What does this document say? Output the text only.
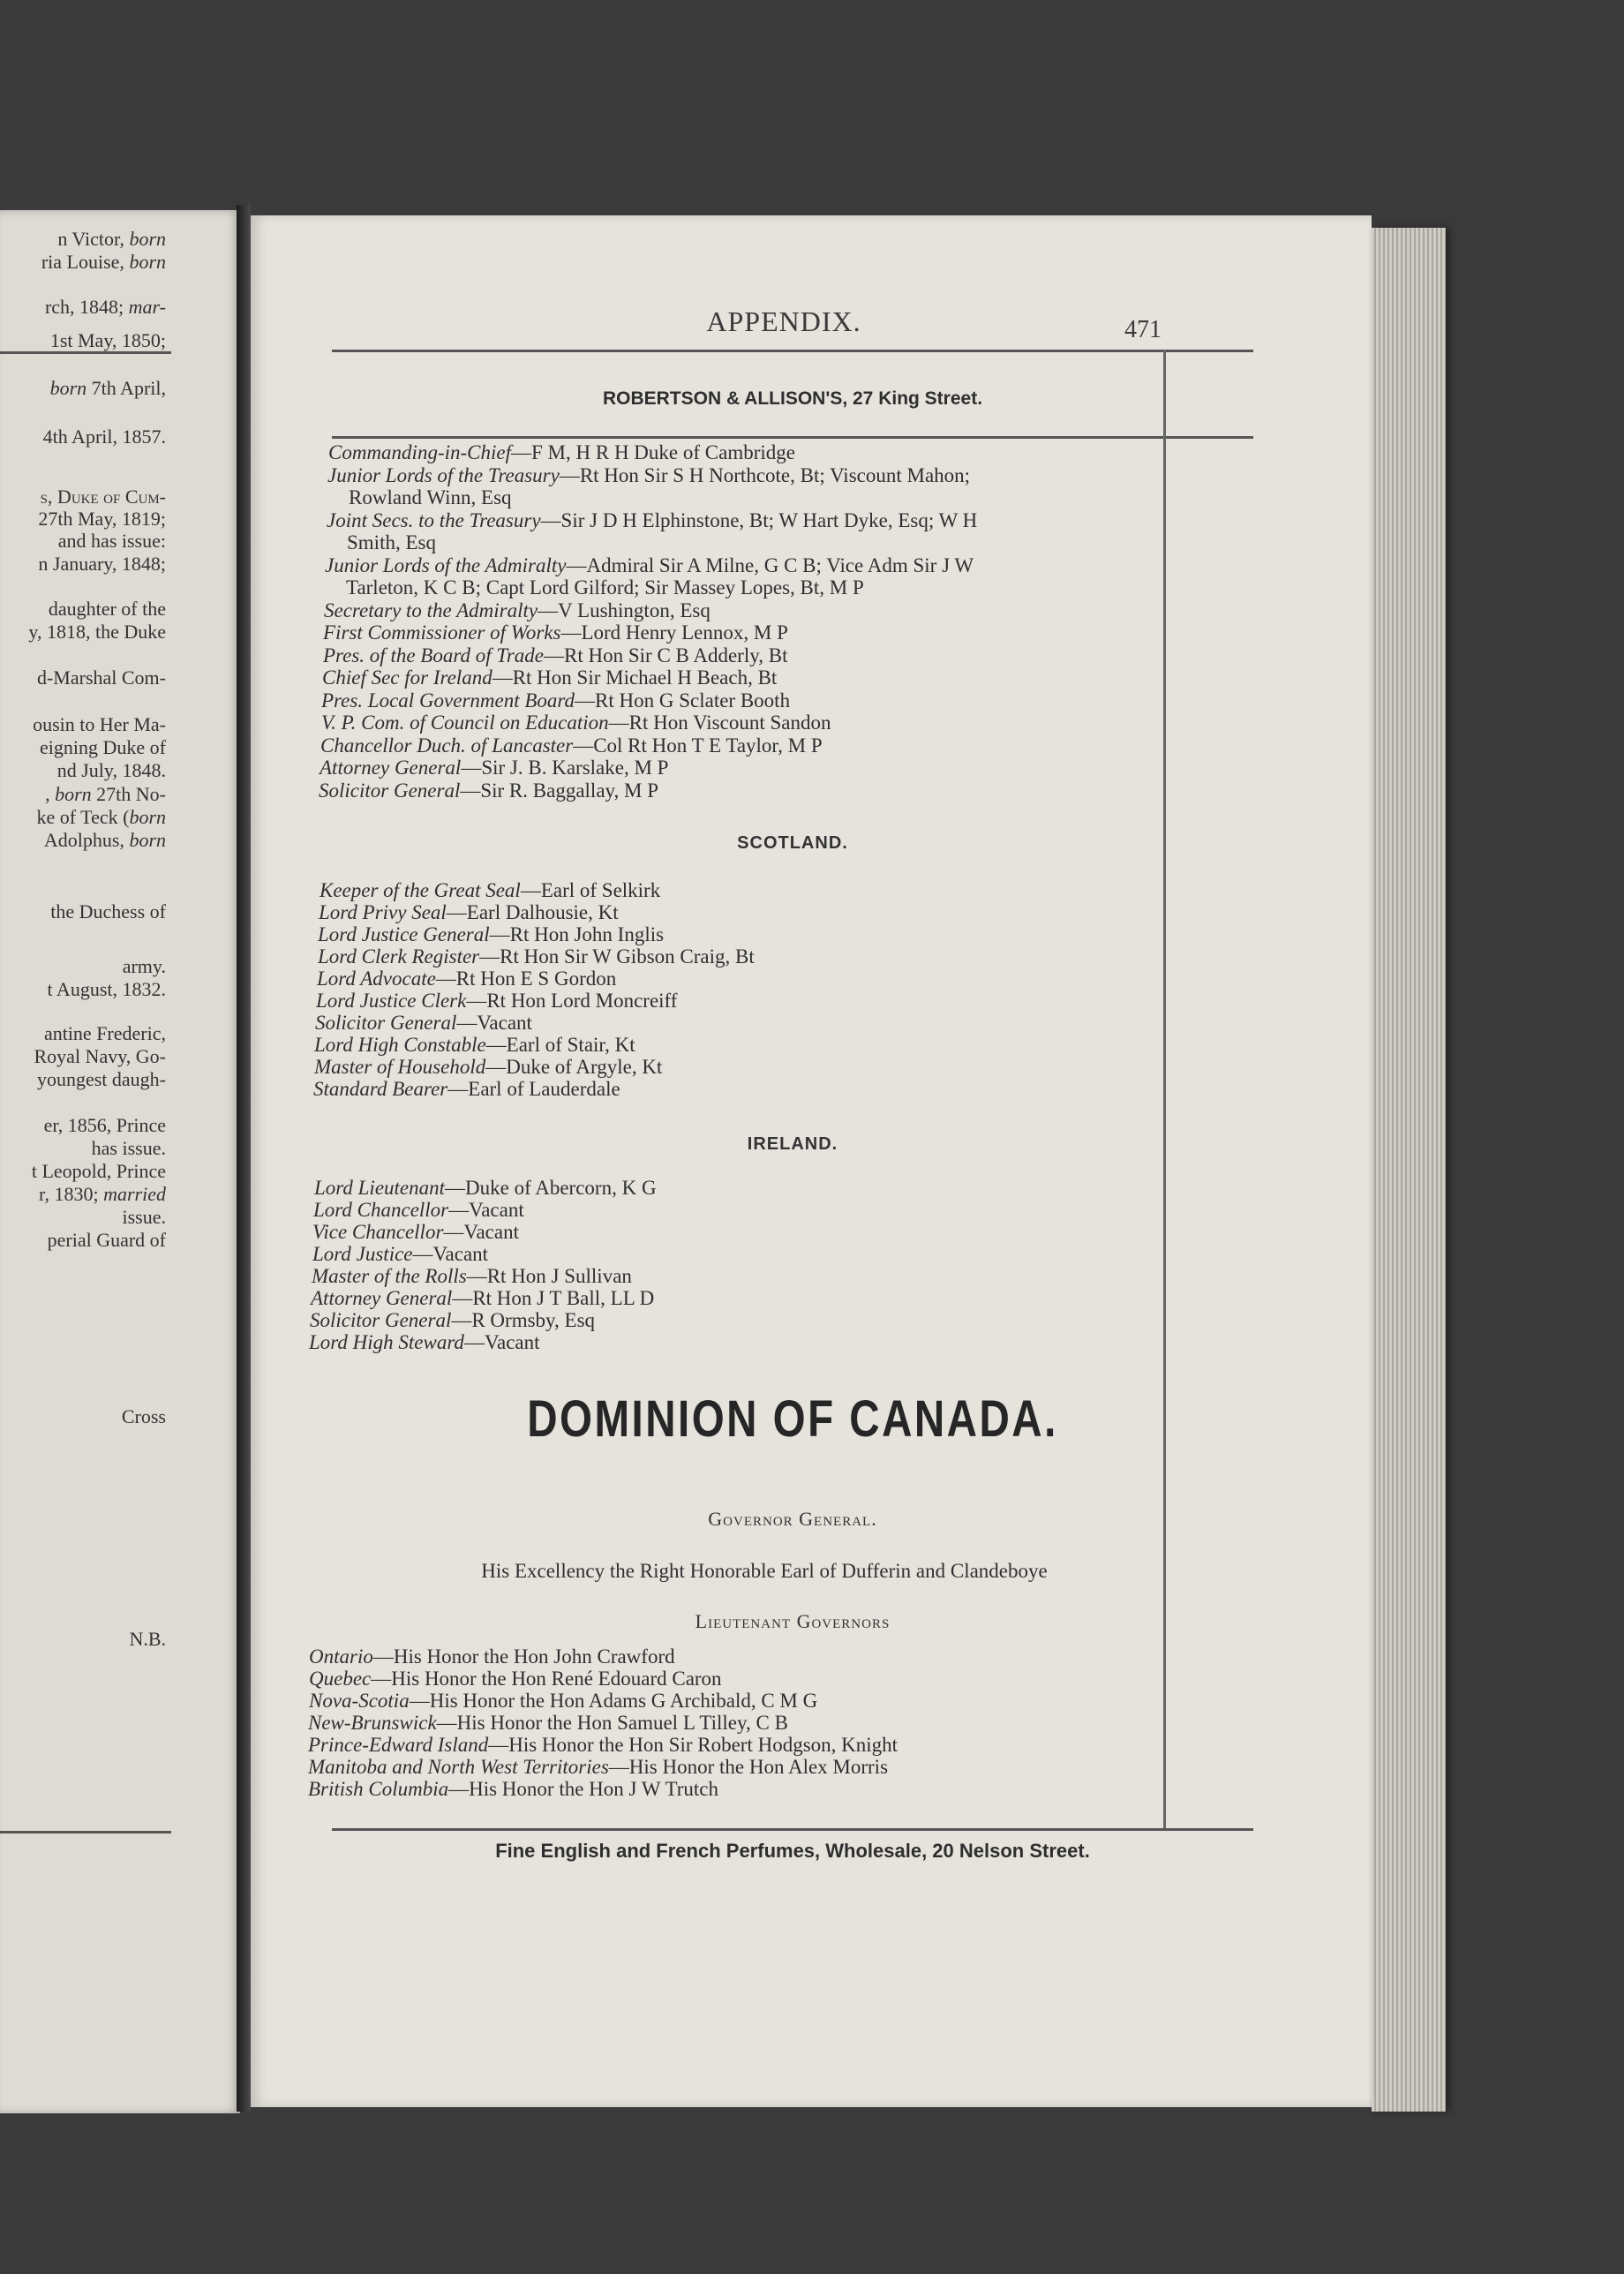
n Victor, born
ria Louise, born
rch, 1848; mar-
1st May, 1850;
born 7th April,
4th April, 1857.
s, Duke of Cum-
27th May, 1819;
and has issue:
n January, 1848;
daughter of the
y, 1818, the Duke
d-Marshal Com-
ousin to Her Ma-
eigning Duke of
nd July, 1848.
, born 27th No-
ke of Teck (born
Adolphus, born
the Duchess of
army.
t August, 1832.
antine Frederic,
Royal Navy, Go-
youngest daugh-
er, 1856, Prince
has issue.
t Leopold, Prince
r, 1830; married
issue.
perial Guard of
Cross
N.B.
APPENDIX.	471
ROBERTSON & ALLISON'S, 27 King Street.
Commanding-in-Chief—F M, H R H Duke of Cambridge
Junior Lords of the Treasury—Rt Hon Sir S H Northcote, Bt; Viscount Mahon;
Rowland Winn, Esq
Joint Secs. to the Treasury—Sir J D H Elphinstone, Bt; W Hart Dyke, Esq; W H
Smith, Esq
Junior Lords of the Admiralty—Admiral Sir A Milne, G C B; Vice Adm Sir J W
Tarleton, K C B; Capt Lord Gilford; Sir Massey Lopes, Bt, M P
Secretary to the Admiralty—V Lushington, Esq
First Commissioner of Works—Lord Henry Lennox, M P
Pres. of the Board of Trade—Rt Hon Sir C B Adderly, Bt
Chief Sec for Ireland—Rt Hon Sir Michael H Beach, Bt
Pres. Local Government Board—Rt Hon G Sclater Booth
V. P. Com. of Council on Education—Rt Hon Viscount Sandon
Chancellor Duch. of Lancaster—Col Rt Hon T E Taylor, M P
Attorney General—Sir J. B. Karslake, M P
Solicitor General—Sir R. Baggallay, M P
SCOTLAND.
Keeper of the Great Seal—Earl of Selkirk
Lord Privy Seal—Earl Dalhousie, Kt
Lord Justice General—Rt Hon John Inglis
Lord Clerk Register—Rt Hon Sir W Gibson Craig, Bt
Lord Advocate—Rt Hon E S Gordon
Lord Justice Clerk—Rt Hon Lord Moncreiff
Solicitor General—Vacant
Lord High Constable—Earl of Stair, Kt
Master of Household—Duke of Argyle, Kt
Standard Bearer—Earl of Lauderdale
IRELAND.
Lord Lieutenant—Duke of Abercorn, K G
Lord Chancellor—Vacant
Vice Chancellor—Vacant
Lord Justice—Vacant
Master of the Rolls—Rt Hon J Sullivan
Attorney General—Rt Hon J T Ball, LL D
Solicitor General—R Ormsby, Esq
Lord High Steward—Vacant
DOMINION OF CANADA.
Governor General.
His Excellency the Right Honorable Earl of Dufferin and Clandeboye
Lieutenant Governors
Ontario—His Honor the Hon John Crawford
Quebec—His Honor the Hon René Edouard Caron
Nova-Scotia—His Honor the Hon Adams G Archibald, C M G
New-Brunswick—His Honor the Hon Samuel L Tilley, C B
Prince-Edward Island—His Honor the Hon Sir Robert Hodgson, Knight
Manitoba and North West Territories—His Honor the Hon Alex Morris
British Columbia—His Honor the Hon J W Trutch
Fine English and French Perfumes, Wholesale, 20 Nelson Street.
